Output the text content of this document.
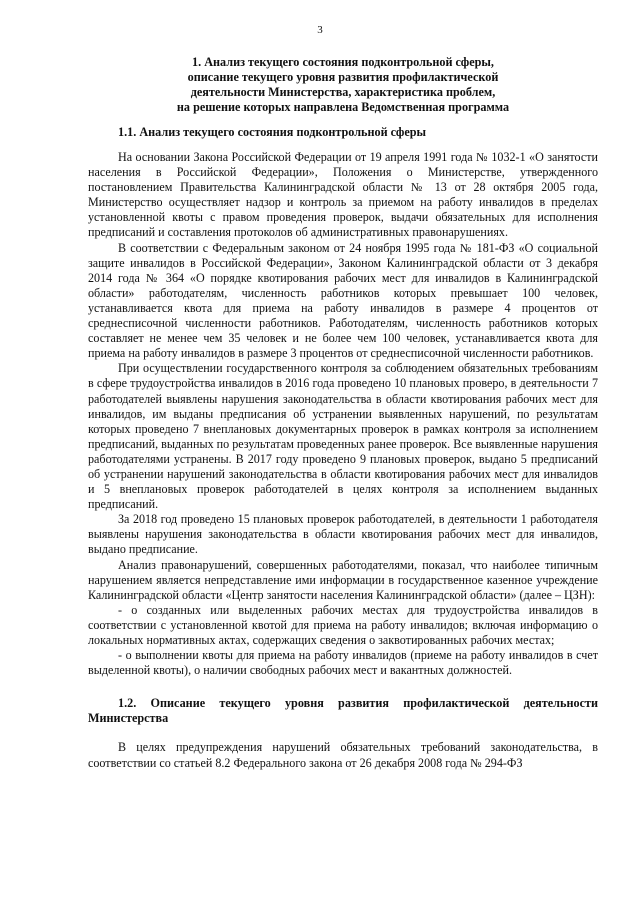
3
1. Анализ текущего состояния подконтрольной сферы,
описание текущего уровня развития профилактической
деятельности Министерства, характеристика проблем,
на решение которых направлена Ведомственная программа
1.1. Анализ текущего состояния подконтрольной сферы

На основании Закона Российской Федерации от 19 апреля 1991 года № 1032-1 «О занятости населения в Российской Федерации», Положения о Министерстве, утвержденного постановлением Правительства Калининградской области № 13 от 28 октября 2005 года, Министерство осуществляет надзор и контроль за приемом на работу инвалидов в пределах установленной квоты с правом проведения проверок, выдачи обязательных для исполнения предписаний и составления протоколов об административных правонарушениях.

В соответствии с Федеральным законом от 24 ноября 1995 года № 181-ФЗ «О социальной защите инвалидов в Российской Федерации», Законом Калининградской области от 3 декабря 2014 года № 364 «О порядке квотирования рабочих мест для инвалидов в Калининградской области» работодателям, численность работников которых превышает 100 человек, устанавливается квота для приема на работу инвалидов в размере 4 процентов от среднесписочной численности работников. Работодателям, численность работников которых составляет не менее чем 35 человек и не более чем 100 человек, устанавливается квота для приема на работу инвалидов в размере 3 процентов от среднесписочной численности работников.

При осуществлении государственного контроля за соблюдением обязательных требованиям в сфере трудоустройства инвалидов в 2016 года проведено 10 плановых проверо, в деятельности 7 работодателей выявлены нарушения законодательства в области квотирования рабочих мест для инвалидов, им выданы предписания об устранении выявленных нарушений, по результатам которых проведено 7 внеплановых документарных проверок в рамках контроля за исполнением предписаний, выданных по результатам проведенных ранее проверок. Все выявленные нарушения работодателями устранены. В 2017 году проведено 9 плановых проверок, выдано 5 предписаний об устранении нарушений законодательства в области квотирования рабочих мест для инвалидов и 5 внеплановых проверок работодателей в целях контроля за исполнением выданных предписаний.

За 2018 год проведено 15 плановых проверок работодателей, в деятельности 1 работодателя выявлены нарушения законодательства в области квотирования рабочих мест для инвалидов, выдано предписание.

Анализ правонарушений, совершенных работодателями, показал, что наиболее типичным нарушением является непредставление ими информации в государственное казенное учреждение Калининградской области «Центр занятости населения Калининградской области» (далее – ЦЗН):

- о созданных или выделенных рабочих местах для трудоустройства инвалидов в соответствии с установленной квотой для приема на работу инвалидов; включая информацию о локальных нормативных актах, содержащих сведения о заквотированных рабочих местах;

- о выполнении квоты для приема на работу инвалидов (приеме на работу инвалидов в счет выделенной квоты), о наличии свободных рабочих мест и вакантных должностей.

1.2. Описание текущего уровня развития профилактической деятельности Министерства

В целях предупреждения нарушений обязательных требований законодательства, в соответствии со статьей 8.2 Федерального закона от 26 декабря 2008 года № 294-ФЗ
